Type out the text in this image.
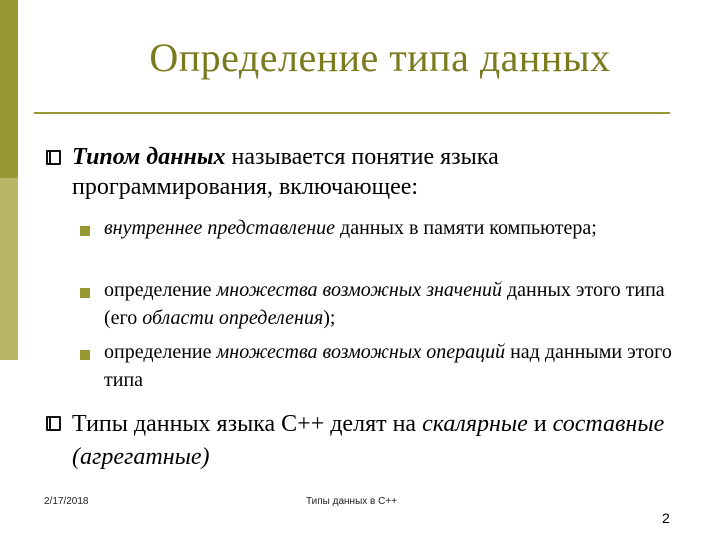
Определение типа данных
Типом данных называется понятие языка программирования, включающее:
внутреннее представление данных в памяти компьютера;
определение множества возможных значений данных этого типа (его области определения);
определение множества возможных операций над данными этого типа
Типы данных языка C++ делят на скалярные и составные (агрегатные)
2/17/2018	Типы данных в C++
2
